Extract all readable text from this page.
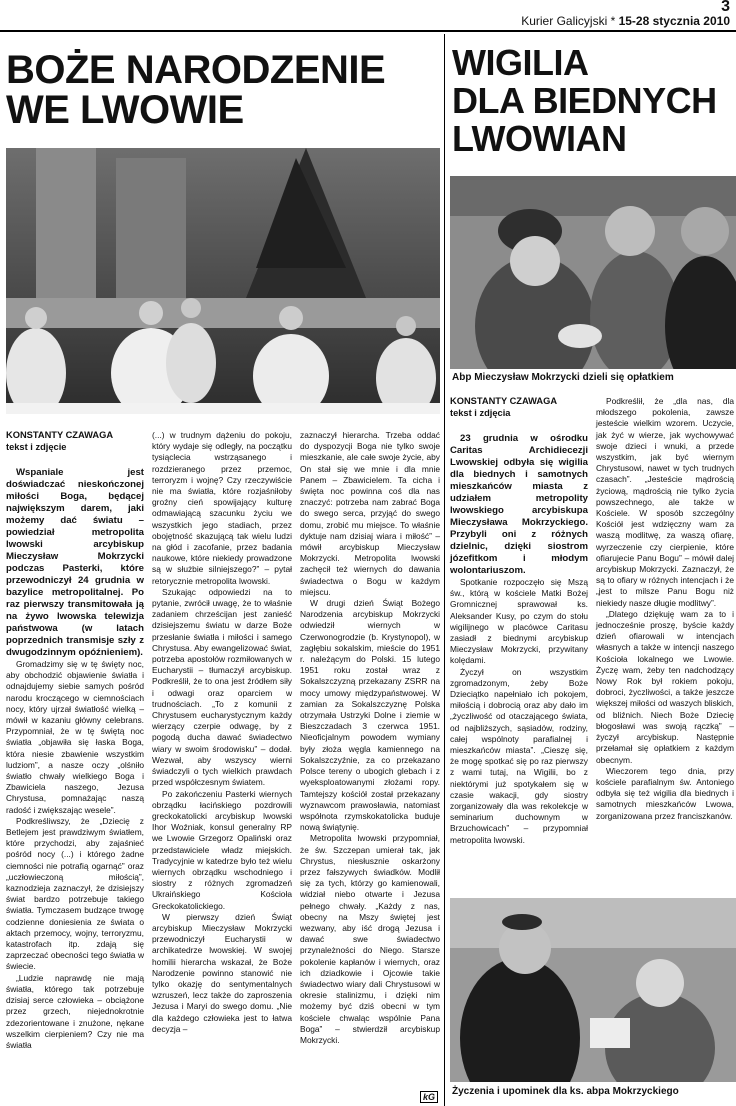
3
Kurier Galicyjski * 15-28 stycznia 2010
BOŻE NARODZENIE
WE LWOWIE

KONSTANTY CZAWAGA

tekst i zdjęcie

Wspaniale jest doświadczać nieskończonej miłości Boga, będącej największym darem, jaki możemy dać światu – powiedział metropolita lwowski arcybiskup Mieczysław Mokrzycki podczas Pasterki, które przewodniczył 24 grudnia w bazylice metropolitalnej. Po raz pierwszy transmitowała ją na żywo lwowska telewizja państwowa (w latach poprzednich transmisje szły z dwugodzinnym opóźnieniem).

Gromadzimy się w tę święty noc, aby obchodzić objawienie światła i odnajdujemy siebie samych pośród narodu kroczącego w ciemnościach nocy, który ujrzał światłość wielką – mówił w kazaniu główny celebrans. Przypomniał, że w tę świętą noc światła „objawiła się łaska Boga, która niesie zbawienie wszystkim ludziom”, a nasze oczy „olśniło światło chwały wielkiego Boga i Zbawiciela naszego, Jezusa Chrystusa, pomnażając naszą radość i zwiększając wesele”.

Podkreśliwszy, że „Dziecię z Betlejem jest prawdziwym światłem, które przychodzi, aby zajaśnieć pośród nocy (...) i którego żadne ciemności nie potrafią ogarnąć” oraz „uczłowieczoną miłością”, kaznodzieja zaznaczył, że dzisiejszy świat bardzo potrzebuje takiego światła. Tymczasem budzące trwogę codzienne doniesienia ze świata o aktach przemocy, wojny, terroryzmu, katastrofach itp. zdają się zaprzeczać obecności tego światła w świecie.

„Ludzie naprawdę nie mają światła, którego tak potrzebuje dzisiaj serce człowieka – obciążone przez grzech, niejednokrotnie zdezorientowane i znużone, nękane wszelkim cierpieniem? Czy nie ma światła

(...) w trudnym dążeniu do pokoju, który wydaje się odległy, na początku tysiąclecia wstrząsanego i rozdzieranego przez przemoc, terroryzm i wojnę? Czy rzeczywiście nie ma światła, które rozjaśniłoby groźny cień spowijający kulturę odmawiającą szacunku życiu we wszystkich jego stadiach, przez obojętność skazującą tak wielu ludzi na głód i zacofanie, przez badania naukowe, które niekiedy prowadzone są w służbie silniejszego?” – pytał retorycznie metropolita lwowski.

Szukając odpowiedzi na to pytanie, zwrócił uwagę, że to właśnie zadaniem chrześcijan jest zanieść dzisiejszemu światu w darze Boże przesłanie światła i miłości i samego Chrystusa. Aby ewangelizować świat, potrzeba apostołów rozmiłowanych w Eucharystii – tłumaczył arcybiskup. Podkreślił, że to ona jest źródłem siły i odwagi oraz oparciem w trudnościach. „To z komunii z Chrystusem eucharystycznym każdy wierzący czerpie odwagę, by z pogodą ducha dawać świadectwo wiary w swoim środowisku” – dodał. Wezwał, aby wszyscy wierni świadczyli o tych wielkich prawdach przed współczesnym światem.

Po zakończeniu Pasterki wiernych obrządku łacińskiego pozdrowili greckokatolicki arcybiskup lwowski Ihor Woźniak, konsul generalny RP we Lwowie Grzegorz Opaliński oraz przedstawiciele władz miejskich. Tradycyjnie w katedrze było też wielu wiernych obrządku wschodniego i siostry z różnych zgromadzeń Ukraińskiego Kościoła Greckokatolickiego.

W pierwszy dzień Świąt arcybiskup Mieczysław Mokrzycki przewodniczył Eucharystii w archikatedrze lwowskiej. W swojej homilii hierarcha wskazał, że Boże Narodzenie powinno stanowić nie tylko okazję do sentymentalnych wzruszeń, lecz także do zaproszenia Jezusa i Maryi do swego domu. „Nie dla każdego człowieka jest to łatwa decyzja –

zaznaczył hierarcha. Trzeba oddać do dyspozycji Boga nie tylko swoje mieszkanie, ale całe swoje życie, aby On stał się we mnie i dla mnie Panem – Zbawicielem. Ta cicha i święta noc powinna coś dla nas znaczyć: potrzeba nam zabrać Boga do swego serca, przyjąć do swego domu, zrobić mu miejsce. To właśnie dyktuje nam dzisiaj wiara i miłość” – mówił arcybiskup Mieczysław Mokrzycki. Metropolita lwowski zachęcił też wiernych do dawania świadectwa o Bogu w każdym miejscu.

W drugi dzień Świąt Bożego Narodzenia arcybiskup Mokrzycki odwiedził wiernych w Czerwonogrodzie (b. Krystynopol), w zagłębiu sokalskim, mieście do 1951 r. należącym do Polski. 15 lutego 1951 roku został wraz z Sokalszczyzną przekazany ZSRR na mocy umowy międzypaństwowej. W zamian za Sokalszczyznę Polska otrzymała Ustrzyki Dolne i ziemie w Bieszczadach 3 czerwca 1951. Nieoficjalnym powodem wymiany były złoża węgla kamiennego na Sokalszczyźnie, za co przekazano Polsce tereny o ubogich glebach i z wyeksploatowanymi złożami ropy. Tamtejszy kościół został przekazany wyznawcom prawosławia, natomiast współnota rzymskokatolicka buduje nową świątynię.

Metropolita lwowski przypomniał, że św. Szczepan umierał tak, jak Chrystus, niesłusznie oskarżony przez fałszywych świadków. Modlił się za tych, którzy go kamienowali, widział niebo otwarte i Jezusa pełnego chwały. „Każdy z nas, obecny na Mszy świętej jest wezwany, aby iść drogą Jezusa i dawać swe świadectwo przynależności do Niego. Starsze pokolenie kapłanów i wiernych, oraz ich dziadkowie i Ojcowie takie świadectwo wiary dali Chrystusowi w okresie stalinizmu, i dzięki nim możemy być dziś obecni w tym kościele chwaląc wspólnie Pana Boga” – stwierdził arcybiskup Mokrzycki.

WIGILIA
DLA BIEDNYCH
LWOWIAN
Abp Mieczysław Mokrzycki dzieli się opłatkiem

KONSTANTY CZAWAGA

tekst i zdjęcia

23 grudnia w ośrodku Caritas Archidiecezji Lwowskiej odbyła się wigilia dla biednych i samotnych mieszkańców miasta z udziałem metropolity lwowskiego arcybiskupa Mieczysława Mokrzyckiego. Przybyli oni z różnych dzielnic, dzięki siostrom józefitkom i młodym wolontariuszom.

Spotkanie rozpoczęło się Mszą św., którą w kościele Matki Bożej Gromnicznej sprawował ks. Aleksander Kusy, po czym do stołu wigilijnego w placówce Caritasu zasiadł z biednymi arcybiskup Mieczysław Mokrzycki, przywitany kolędami.

Życzył on wszystkim zgromadzonym, żeby Boże Dzieciątko napełniało ich pokojem, miłością i dobrocią oraz aby dało im „życzliwość od otaczającego świata, od najbliższych, sąsiadów, rodziny, całej wspólnoty parafialnej i mieszkańców miasta”. „Cieszę się, że mogę spotkać się po raz pierwszy z wami tutaj, na Wigilii, bo z niektórymi już spotykałem się w czasie wakacji, gdy siostry zorganizowały dla was rekolekcje w seminarium duchownym w Brzuchowicach” – przypomniał metropolita lwowski.

Podkreślił, że „dla nas, dla młodszego pokolenia, zawsze jesteście wielkim wzorem. Uczycie, jak żyć w wierze, jak wychowywać swoje dzieci i wnuki, a przede wszystkim, jak być wiernym Chrystusowi, nawet w tych trudnych czasach”. „Jesteście mądrością życiową, mądrością nie tylko życia powszechnego, ale także w Kościele. W sposób szczególny Kościół jest wdzięczny wam za waszą modlitwę, za waszą ofiarę, wyrzeczenie czy cierpienie, które ofiarujecie Panu Bogu” – mówił dalej arcybiskup Mokrzycki. Zaznaczył, że są to ofiary w różnych intencjach i że „jest to milsze Panu Bogu niż niekiedy nasze długie modlitwy”.

„Dlatego dziękuję wam za to i jednocześnie proszę, byście każdy dzień ofiarowali w intencjach własnych a także w intencji naszego Kościoła lokalnego we Lwowie. Życzę wam, żeby ten nadchodzący Nowy Rok był rokiem pokoju, dobroci, życzliwości, a także jeszcze większej miłości od waszych bliskich, od bliźnich. Niech Boże Dziecię błogosławi was swoją rączką” – życzył arcybiskup. Następnie przełamał się opłatkiem z każdym obecnym.

Wieczorem tego dnia, przy kościele parafialnym św. Antoniego odbyła się też wigilia dla biednych i samotnych mieszkańców Lwowa, zorganizowana przez franciszkanów.

Życzenia i upominek dla ks. abpa Mokrzyckiego
kG
